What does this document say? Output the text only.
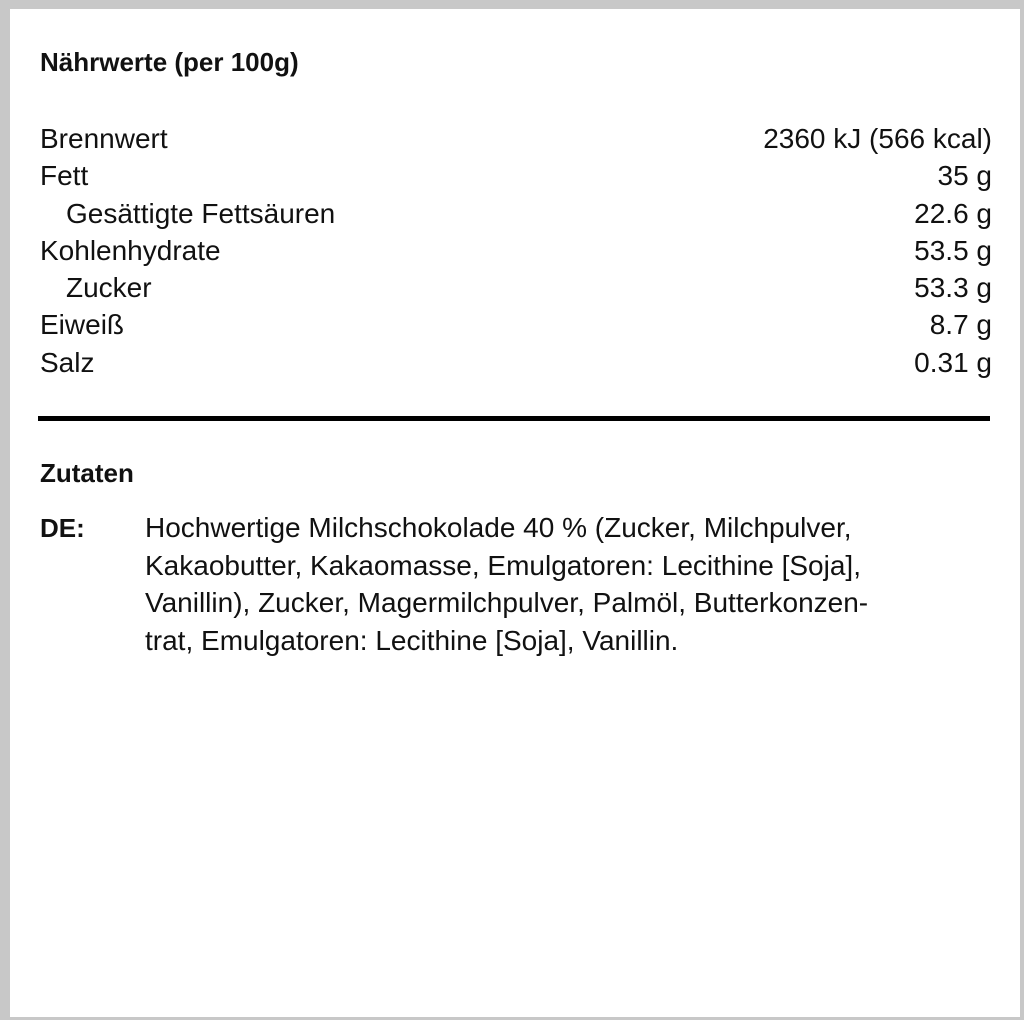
Nährwerte (per 100g)
Brennwert	2360 kJ (566 kcal)
Fett	35 g
Gesättigte Fettsäuren	22.6 g
Kohlenhydrate	53.5 g
Zucker	53.3 g
Eiweiß	8.7 g
Salz	0.31 g
Zutaten
DE: Hochwertige Milchschokolade 40 % (Zucker, Milchpulver,
Kakaobutter, Kakaomasse, Emulgatoren: Lecithine [Soja],
Vanillin), Zucker, Magermilchpulver, Palmöl, Butterkonzen-
trat, Emulgatoren: Lecithine [Soja], Vanillin.
